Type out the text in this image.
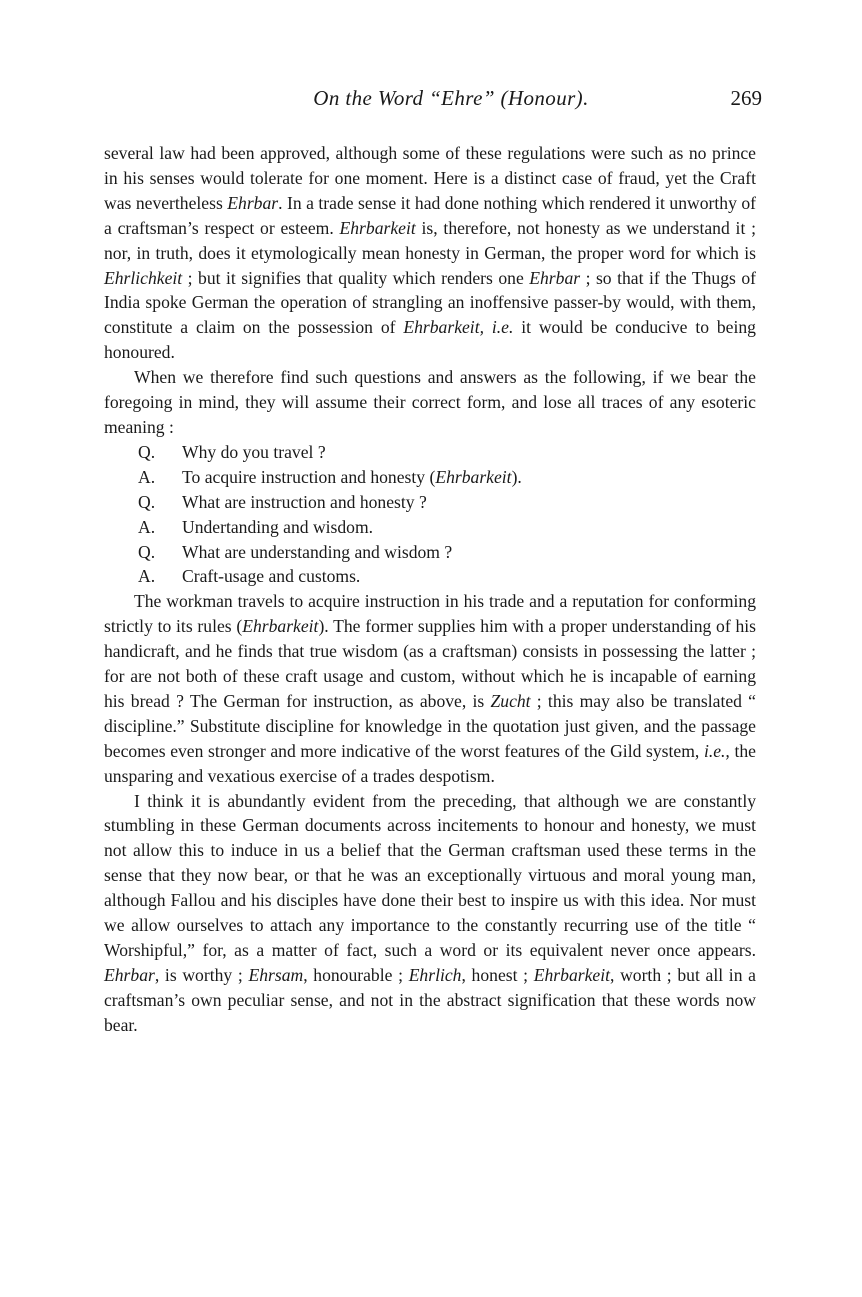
On the Word “Ehre” (Honour).	269

several law had been approved, although some of these regulations were such as no prince in his senses would tolerate for one moment. Here is a distinct case of fraud, yet the Craft was nevertheless Ehrbar. In a trade sense it had done nothing which rendered it unworthy of a craftsman’s respect or esteem. Ehrbarkeit is, therefore, not honesty as we understand it ; nor, in truth, does it etymologically mean honesty in German, the proper word for which is Ehrlichkeit ; but it signifies that quality which renders one Ehrbar ; so that if the Thugs of India spoke German the operation of strangling an inoffensive passer-by would, with them, constitute a claim on the possession of Ehrbarkeit, i.e. it would be conducive to being honoured.

When we therefore find such questions and answers as the following, if we bear the foregoing in mind, they will assume their correct form, and lose all traces of any esoteric meaning :

Q.	Why do you travel ?
A.	To acquire instruction and honesty (Ehrbarkeit).
Q.	What are instruction and honesty ?
A.	Undertanding and wisdom.
Q.	What are understanding and wisdom ?
A.	Craft-usage and customs.

The workman travels to acquire instruction in his trade and a reputation for conforming strictly to its rules (Ehrbarkeit). The former supplies him with a proper understanding of his handicraft, and he finds that true wisdom (as a craftsman) consists in possessing the latter ; for are not both of these craft usage and custom, without which he is incapable of earning his bread ? The German for instruction, as above, is Zucht ; this may also be translated “ discipline.” Substitute discipline for knowledge in the quotation just given, and the passage becomes even stronger and more indicative of the worst features of the Gild system, i.e., the unsparing and vexatious exercise of a trades despotism.

I think it is abundantly evident from the preceding, that although we are constantly stumbling in these German documents across incitements to honour and honesty, we must not allow this to induce in us a belief that the German craftsman used these terms in the sense that they now bear, or that he was an exceptionally virtuous and moral young man, although Fallou and his disciples have done their best to inspire us with this idea. Nor must we allow ourselves to attach any importance to the constantly recurring use of the title “ Worshipful,” for, as a matter of fact, such a word or its equivalent never once appears. Ehrbar, is worthy ; Ehrsam, honourable ; Ehrlich, honest ; Ehrbarkeit, worth ; but all in a craftsman’s own peculiar sense, and not in the abstract signification that these words now bear.
